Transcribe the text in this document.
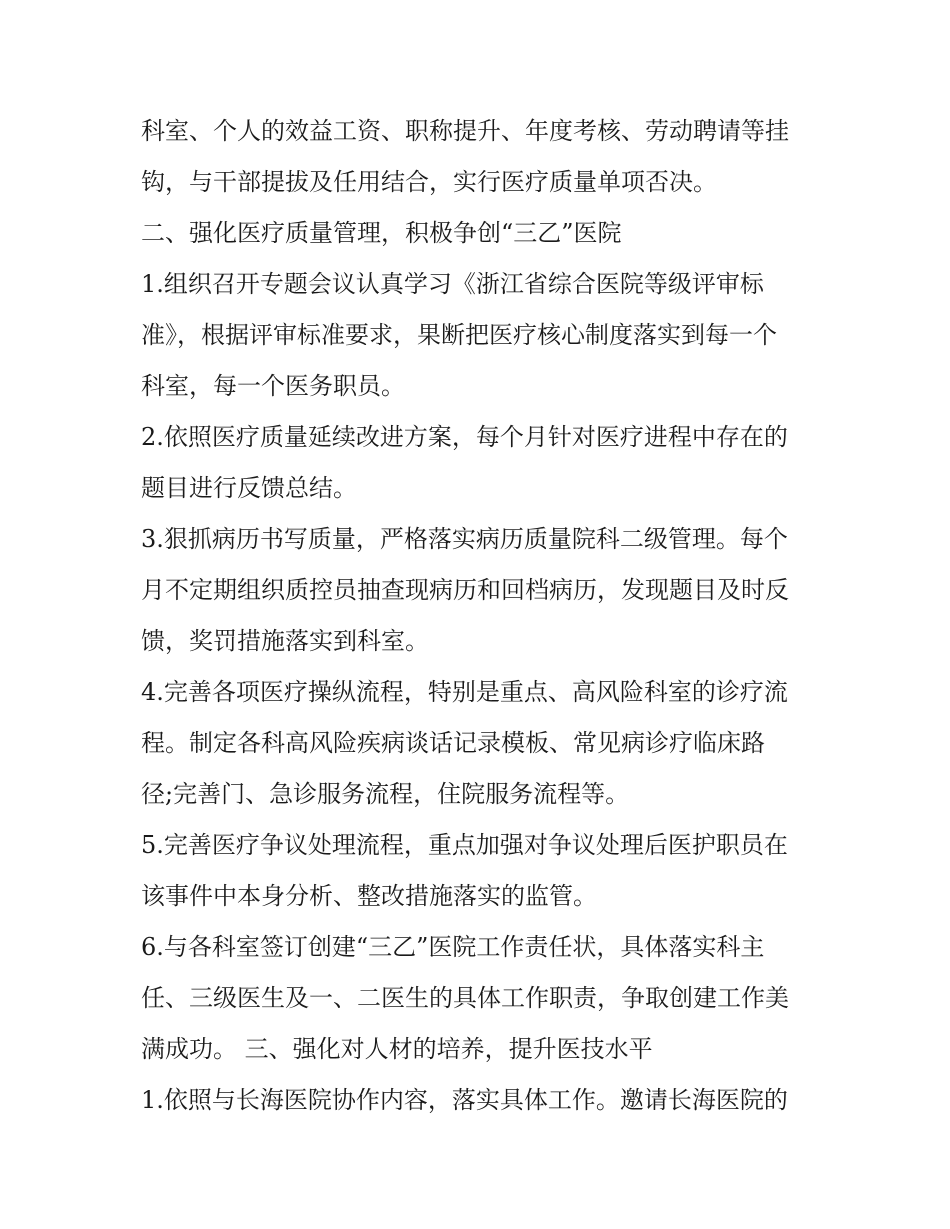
科室、个人的效益工资、职称提升、年度考核、劳动聘请等挂
钩，与干部提拔及任用结合，实行医疗质量单项否决。
二、强化医疗质量管理，积极争创“三乙”医院
1.组织召开专题会议认真学习《浙江省综合医院等级评审标
准》，根据评审标准要求，果断把医疗核心制度落实到每一个
科室，每一个医务职员。
2.依照医疗质量延续改进方案，每个月针对医疗进程中存在的
题目进行反馈总结。
3.狠抓病历书写质量，严格落实病历质量院科二级管理。每个
月不定期组织质控员抽查现病历和回档病历，发现题目及时反
馈，奖罚措施落实到科室。
4.完善各项医疗操纵流程，特别是重点、高风险科室的诊疗流
程。制定各科高风险疾病谈话记录模板、常见病诊疗临床路
径;完善门、急诊服务流程，住院服务流程等。
5.完善医疗争议处理流程，重点加强对争议处理后医护职员在
该事件中本身分析、整改措施落实的监管。
6.与各科室签订创建“三乙”医院工作责任状，具体落实科主
任、三级医生及一、二医生的具体工作职责，争取创建工作美
满成功。 三、强化对人材的培养，提升医技水平
1.依照与长海医院协作内容，落实具体工作。邀请长海医院的
